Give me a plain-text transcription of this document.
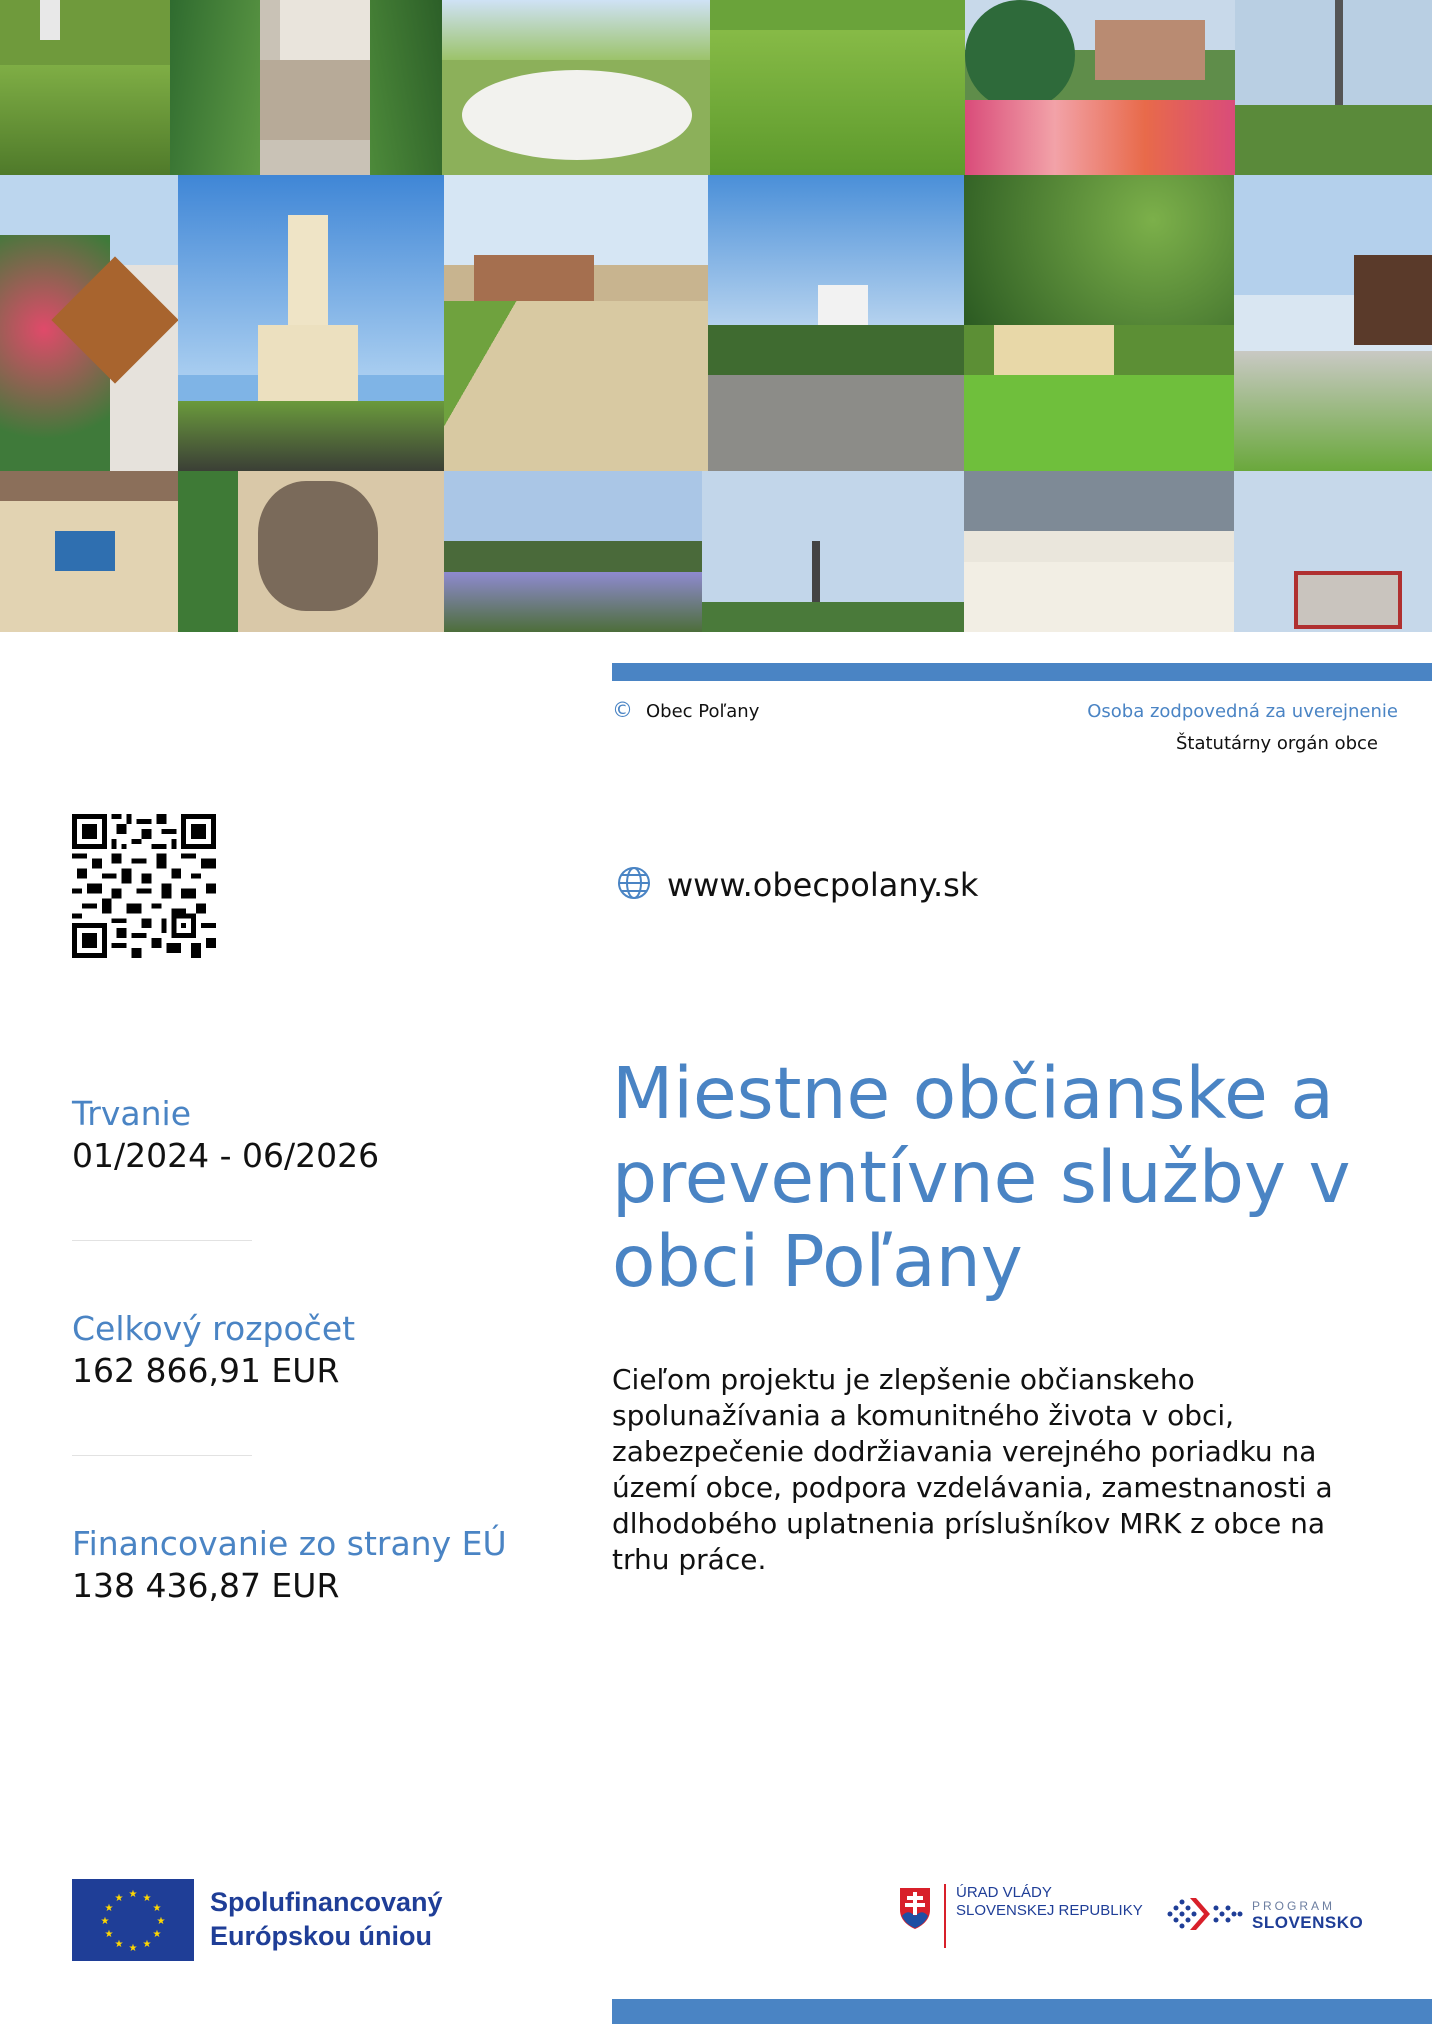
© Obec Poľany	Osoba zodpovedná za uverejnenie
Štatutárny orgán obce
www.obecpolany.sk
Trvanie
01/2024 - 06/2026
Celkový rozpočet
162 866,91 EUR
Financovanie zo strany EÚ
138 436,87 EUR
Miestne občianske a preventívne služby v obci Poľany

Cieľom projektu je zlepšenie občianskeho spolunažívania a komunitného života v obci, zabezpečenie dodržiavania verejného poriadku na území obce, podpora vzdelávania, zamestnanosti a dlhodobého uplatnenia príslušníkov MRK z obce na trhu práce.

★ ★
★
★
★
★
★
★
★
★
★
★	Spolufinancovaný
Európskou úniou
ÚRAD VLÁDY
SLOVENSKEJ REPUBLIKY	PROGRAM
SLOVENSKO
